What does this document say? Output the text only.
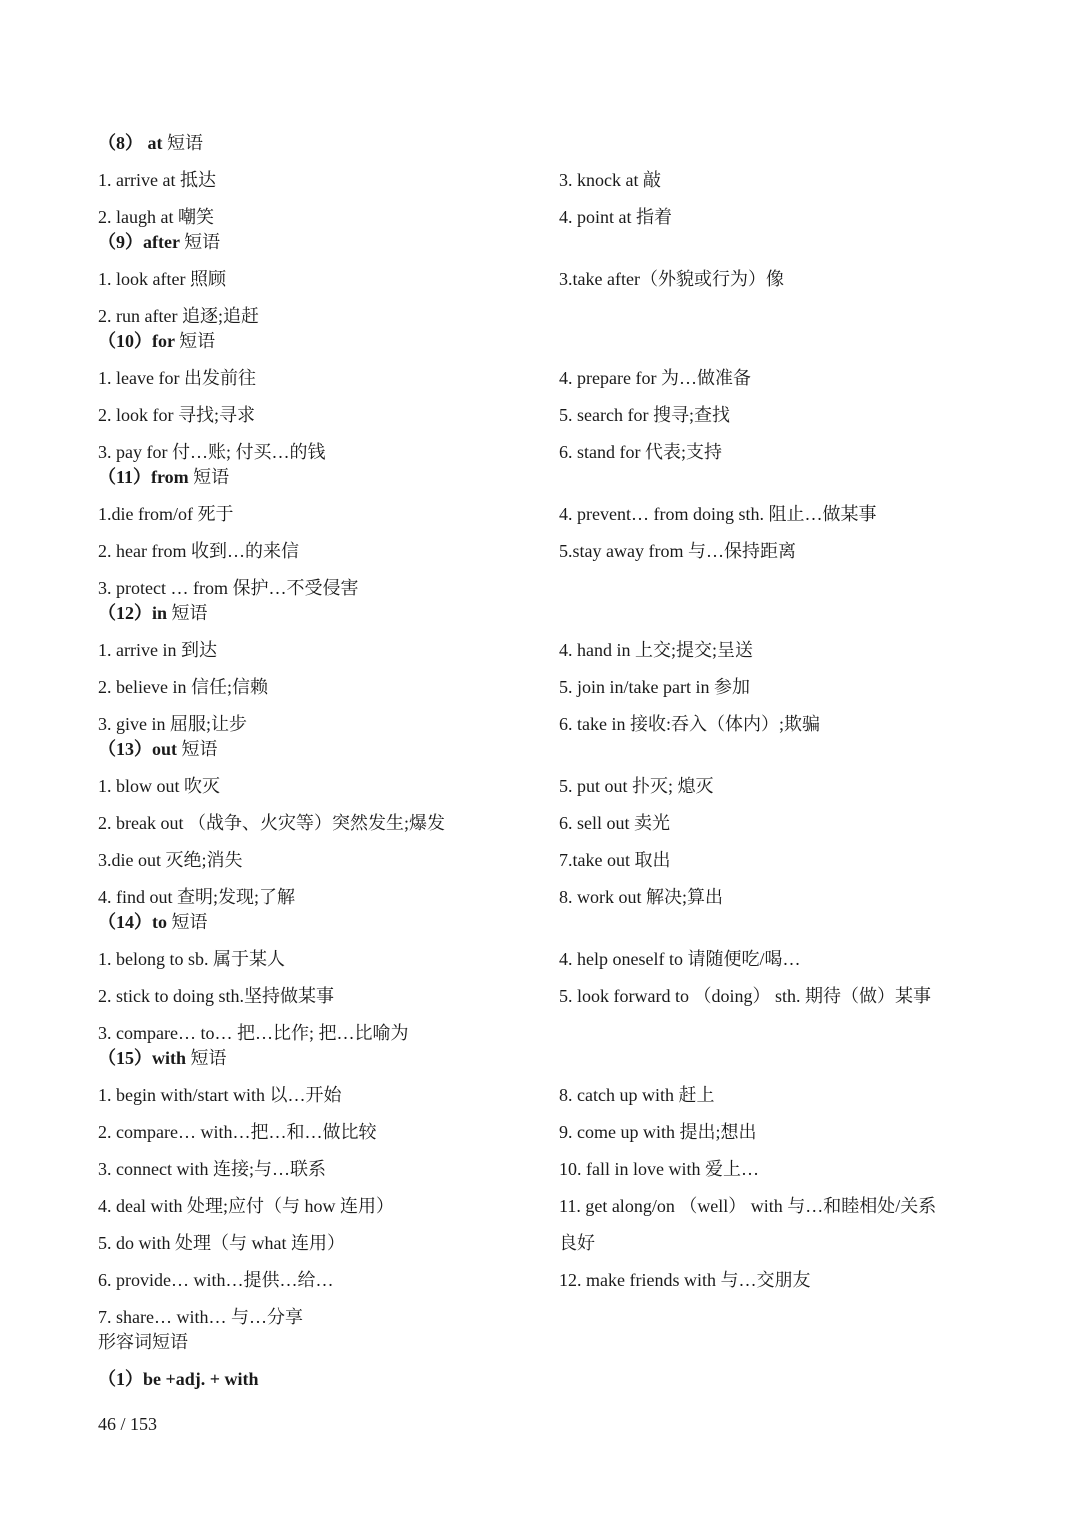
（8） at 短语
1. arrive at 抵达
2. laugh at 嘲笑
3. knock at 敲
4. point at 指着
（9）after 短语
1. look after 照顾
2. run after 追逐;追赶
3.take after（外貌或行为）像
（10）for 短语
1. leave for 出发前往
2. look for 寻找;寻求
3. pay for 付…账; 付买…的钱
4. prepare for 为…做准备
5. search for 搜寻;查找
6. stand for 代表;支持
（11）from 短语
1.die from/of 死于
2. hear from 收到…的来信
3. protect … from 保护…不受侵害
4. prevent… from doing sth. 阻止…做某事
5.stay away from 与…保持距离
（12）in 短语
1. arrive in 到达
2. believe in 信任;信赖
3. give in 屈服;让步
4. hand in 上交;提交;呈送
5. join in/take part in 参加
6. take in 接收:吞入（体内）;欺骗
（13）out 短语
1. blow out 吹灭
2. break out （战争、火灾等）突然发生;爆发
3.die out 灭绝;消失
4. find out 查明;发现;了解
5. put out 扑灭; 熄灭
6. sell out 卖光
7.take out 取出
8. work out 解决;算出
（14）to 短语
1. belong to sb. 属于某人
2. stick to doing sth.坚持做某事
3. compare… to… 把…比作; 把…比喻为
4. help oneself to 请随便吃/喝…
5. look forward to （doing） sth. 期待（做）某事
（15）with 短语
1. begin with/start with 以…开始
2. compare… with…把…和…做比较
3. connect with 连接;与…联系
4. deal with 处理;应付（与 how 连用）
5. do with 处理（与 what 连用）
6. provide… with…提供…给…
7. share… with… 与…分享
8. catch up with 赶上
9. come up with 提出;想出
10. fall in love with 爱上…
11. get along/on （well） with 与…和睦相处/关系
良好
12. make friends with 与…交朋友
形容词短语
（1）be +adj. + with
46 / 153
